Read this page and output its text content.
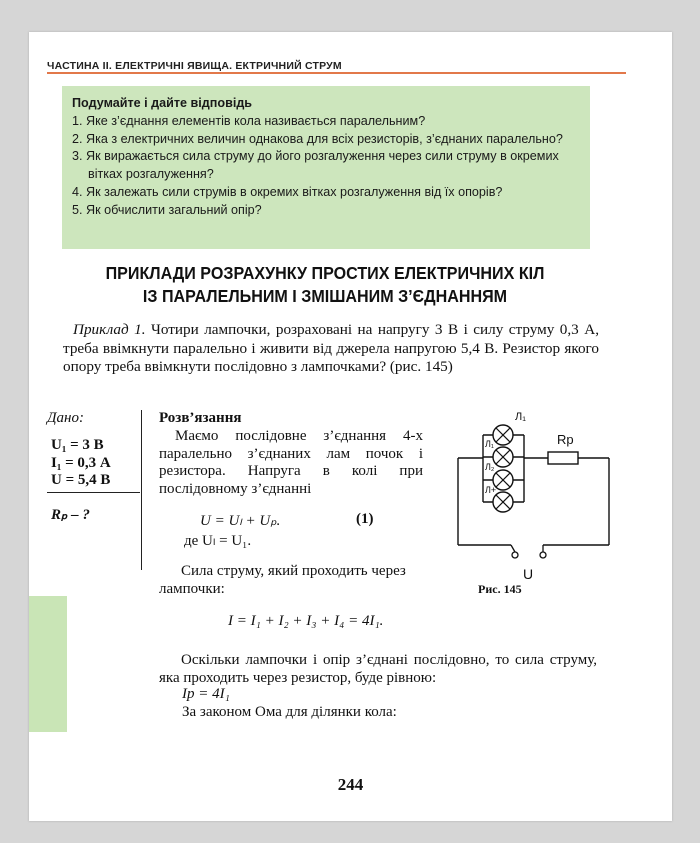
244
ЧАСТИНА ІІ. ЕЛЕКТРИЧНІ ЯВИЩА. ЕКТРИЧНИЙ СТРУМ
Подумайте і дайте відповідь
1. Яке з’єднання елементів кола називається паралельним?
2. Яка з електричних величин однакова для всіх резисторів, з’єднаних паралельно?
3. Як виражається сила струму до його розгалуження через сили струму в окремих вітках розгалуження?
4. Як залежать сили струмів в окремих вітках розгалуження від їх опорів?
5. Як обчислити загальний опір?
ПРИКЛАДИ РОЗРАХУНКУ ПРОСТИХ ЕЛЕКТРИЧНИХ КІЛ
ІЗ ПАРАЛЕЛЬНИМ І ЗМІШАНИМ З’ЄДНАННЯМ
Приклад 1. Чотири лампочки, розраховані на напругу 3 В і силу струму 0,3 А, треба ввімкнути паралельно і живити від джерела напругою 5,4 В. Резистор якого опору треба ввімкнути послідовно з лампочками? (рис. 145)
Дано:
U₁ = 3 В
I₁ = 0,3 А
U = 5,4 В
Rₚ – ?
Розв’язання
Маємо послідовне з’єднання 4-х паралельно з’єднаних лам почок і резистора. Напруга в колі при послідовному з’єднанні
U = Uₗ + Uₚ.	(1)
де Uₗ = U₁.
Сила струму, який проходить через лампочки:
I = I₁ + I₂ + I₃ + I₄ = 4I₁.
Оскільки лампочки і опір з’єднані послідовно, то сила струму, яка проходить через резистор, буде рівною:
Iр = 4I₁
За законом Ома для ділянки кола:
Л₁
Л₁
Л₂
Л+
Rр
U
Рис. 145
